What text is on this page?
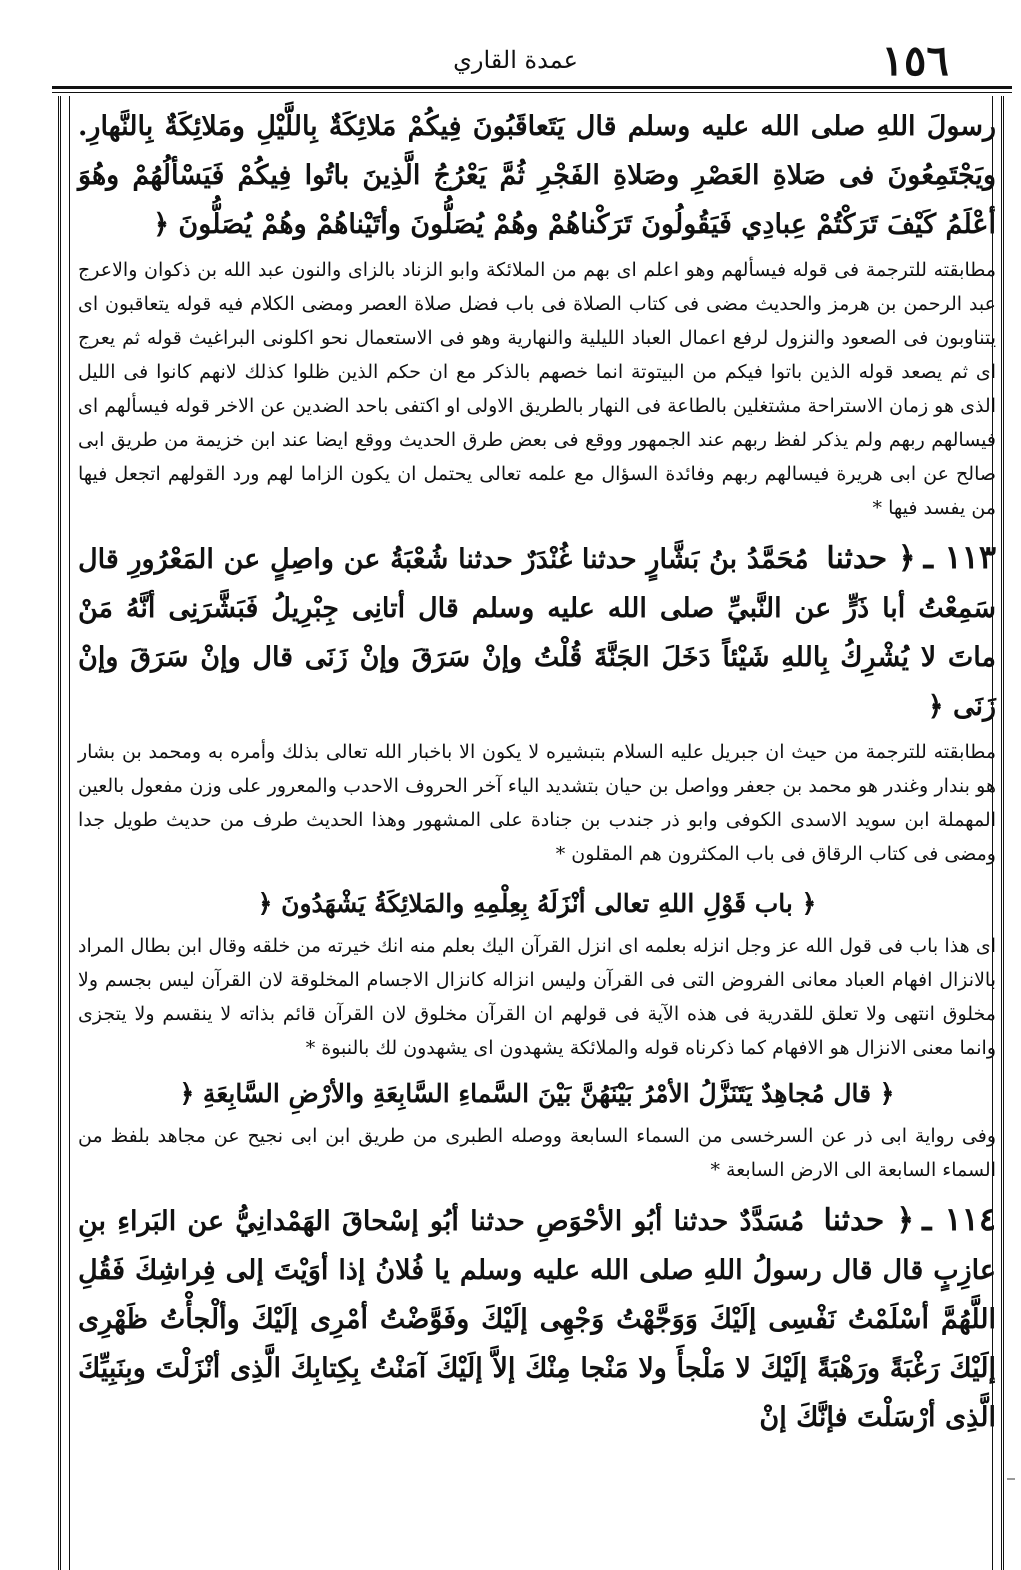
١٥٦
عمدة القاري

رسولَ اللهِ صلى الله عليه وسلم قال يَتَعاقَبُونَ فِيكُمْ مَلائِكَةٌ بِاللَّيْلِ ومَلائِكَةٌ بِالنَّهارِ. ويَجْتَمِعُونَ فى صَلاةِ العَصْرِ وصَلاةِ الفَجْرِ ثُمَّ يَعْرُجُ الَّذِينَ باتُوا فِيكُمْ فَيَسْألُهُمْ وهُوَ أعْلَمُ كَيْفَ تَرَكْتُمْ عِبادِي فَيَقُولُونَ تَرَكْناهُمْ وهُمْ يُصَلُّونَ وأتَيْناهُمْ وهُمْ يُصَلُّونَ ﴿

مطابقته للترجمة فى قوله فيسألهم وهو اعلم اى بهم من الملائكة وابو الزناد بالزاى والنون عبد الله بن ذكوان والاعرج عبد الرحمن بن هرمز والحديث مضى فى كتاب الصلاة فى باب فضل صلاة العصر ومضى الكلام فيه قوله يتعاقبون اى يتناوبون فى الصعود والنزول لرفع اعمال العباد الليلية والنهارية وهو فى الاستعمال نحو اكلونى البراغيث قوله ثم يعرج اى ثم يصعد قوله الذين باتوا فيكم من البيتوتة انما خصهم بالذكر مع ان حكم الذين ظلوا كذلك لانهم كانوا فى الليل الذى هو زمان الاستراحة مشتغلين بالطاعة فى النهار بالطريق الاولى او اكتفى باحد الضدين عن الاخر قوله فيسألهم اى فيسالهم ربهم ولم يذكر لفظ ربهم عند الجمهور ووقع فى بعض طرق الحديث ووقع ايضا عند ابن خزيمة من طريق ابى صالح عن ابى هريرة فيسالهم ربهم وفائدة السؤال مع علمه تعالى يحتمل ان يكون الزاما لهم ورد القولهم اتجعل فيها من يفسد فيها *

١١٣ ـ﴿ حدثنا مُحَمَّدُ بنُ بَشَّارٍ حدثنا غُنْدَرٌ حدثنا شُعْبَةُ عن واصِلٍ عن المَعْرُورِ قال سَمِعْتُ أبا ذَرٍّ عن النَّبيِّ صلى الله عليه وسلم قال أتانِى جِبْرِيلُ فَبَشَّرَنِى أنَّهُ مَنْ ماتَ لا يُشْرِكُ بِاللهِ شَيْئاً دَخَلَ الجَنَّةَ قُلْتُ وإنْ سَرَقَ وإنْ زَنَى قال وإنْ سَرَقَ وإنْ زَنَى ﴿

مطابقته للترجمة من حيث ان جبريل عليه السلام بتبشيره لا يكون الا باخبار الله تعالى بذلك وأمره به ومحمد بن بشار هو بندار وغندر هو محمد بن جعفر وواصل بن حيان بتشديد الياء آخر الحروف الاحدب والمعرور على وزن مفعول بالعين المهملة ابن سويد الاسدى الكوفى وابو ذر جندب بن جنادة على المشهور وهذا الحديث طرف من حديث طويل جدا ومضى فى كتاب الرقاق فى باب المكثرون هم المقلون *

﴿ باب قَوْلِ اللهِ تعالى أنْزَلَهُ بِعِلْمِهِ والمَلائِكَةُ يَشْهَدُونَ ﴿

اى هذا باب فى قول الله عز وجل انزله بعلمه اى انزل القرآن اليك بعلم منه انك خيرته من خلقه وقال ابن بطال المراد بالانزال افهام العباد معانى الفروض التى فى القرآن وليس انزاله كانزال الاجسام المخلوقة لان القرآن ليس بجسم ولا مخلوق انتهى ولا تعلق للقدرية فى هذه الآية فى قولهم ان القرآن مخلوق لان القرآن قائم بذاته لا ينقسم ولا يتجزى وانما معنى الانزال هو الافهام كما ذكرناه قوله والملائكة يشهدون اى يشهدون لك بالنبوة *

﴿ قال مُجاهِدٌ يَتَنَزَّلُ الأمْرُ بَيْنَهُنَّ بَيْنَ السَّماءِ السَّابِعَةِ والأرْضِ السَّابِعَةِ ﴿

وفى رواية ابى ذر عن السرخسى من السماء السابعة ووصله الطبرى من طريق ابن ابى نجيح عن مجاهد بلفظ من السماء السابعة الى الارض السابعة *

١١٤ ـ﴿ حدثنا مُسَدَّدٌ حدثنا أبُو الأحْوَصِ حدثنا أبُو إسْحاقَ الهَمْدانِيُّ عن البَراءِ بنِ عازِبٍ قال قال رسولُ اللهِ صلى الله عليه وسلم يا فُلانُ إذا أوَيْتَ إلى فِراشِكَ فَقُلِ اللَّهُمَّ أسْلَمْتُ نَفْسِى إلَيْكَ وَوَجَّهْتُ وَجْهِى إلَيْكَ وفَوَّضْتُ أمْرِى إلَيْكَ وألْجأْتُ ظَهْرِى إلَيْكَ رَغْبَةً ورَهْبَةً إلَيْكَ لا مَلْجأَ ولا مَنْجا مِنْكَ إلاَّ إلَيْكَ آمَنْتُ بِكِتابِكَ الَّذِى أنْزَلْتَ وبِنَبِيِّكَ الَّذِى أرْسَلْتَ فإنَّكَ إنْ
